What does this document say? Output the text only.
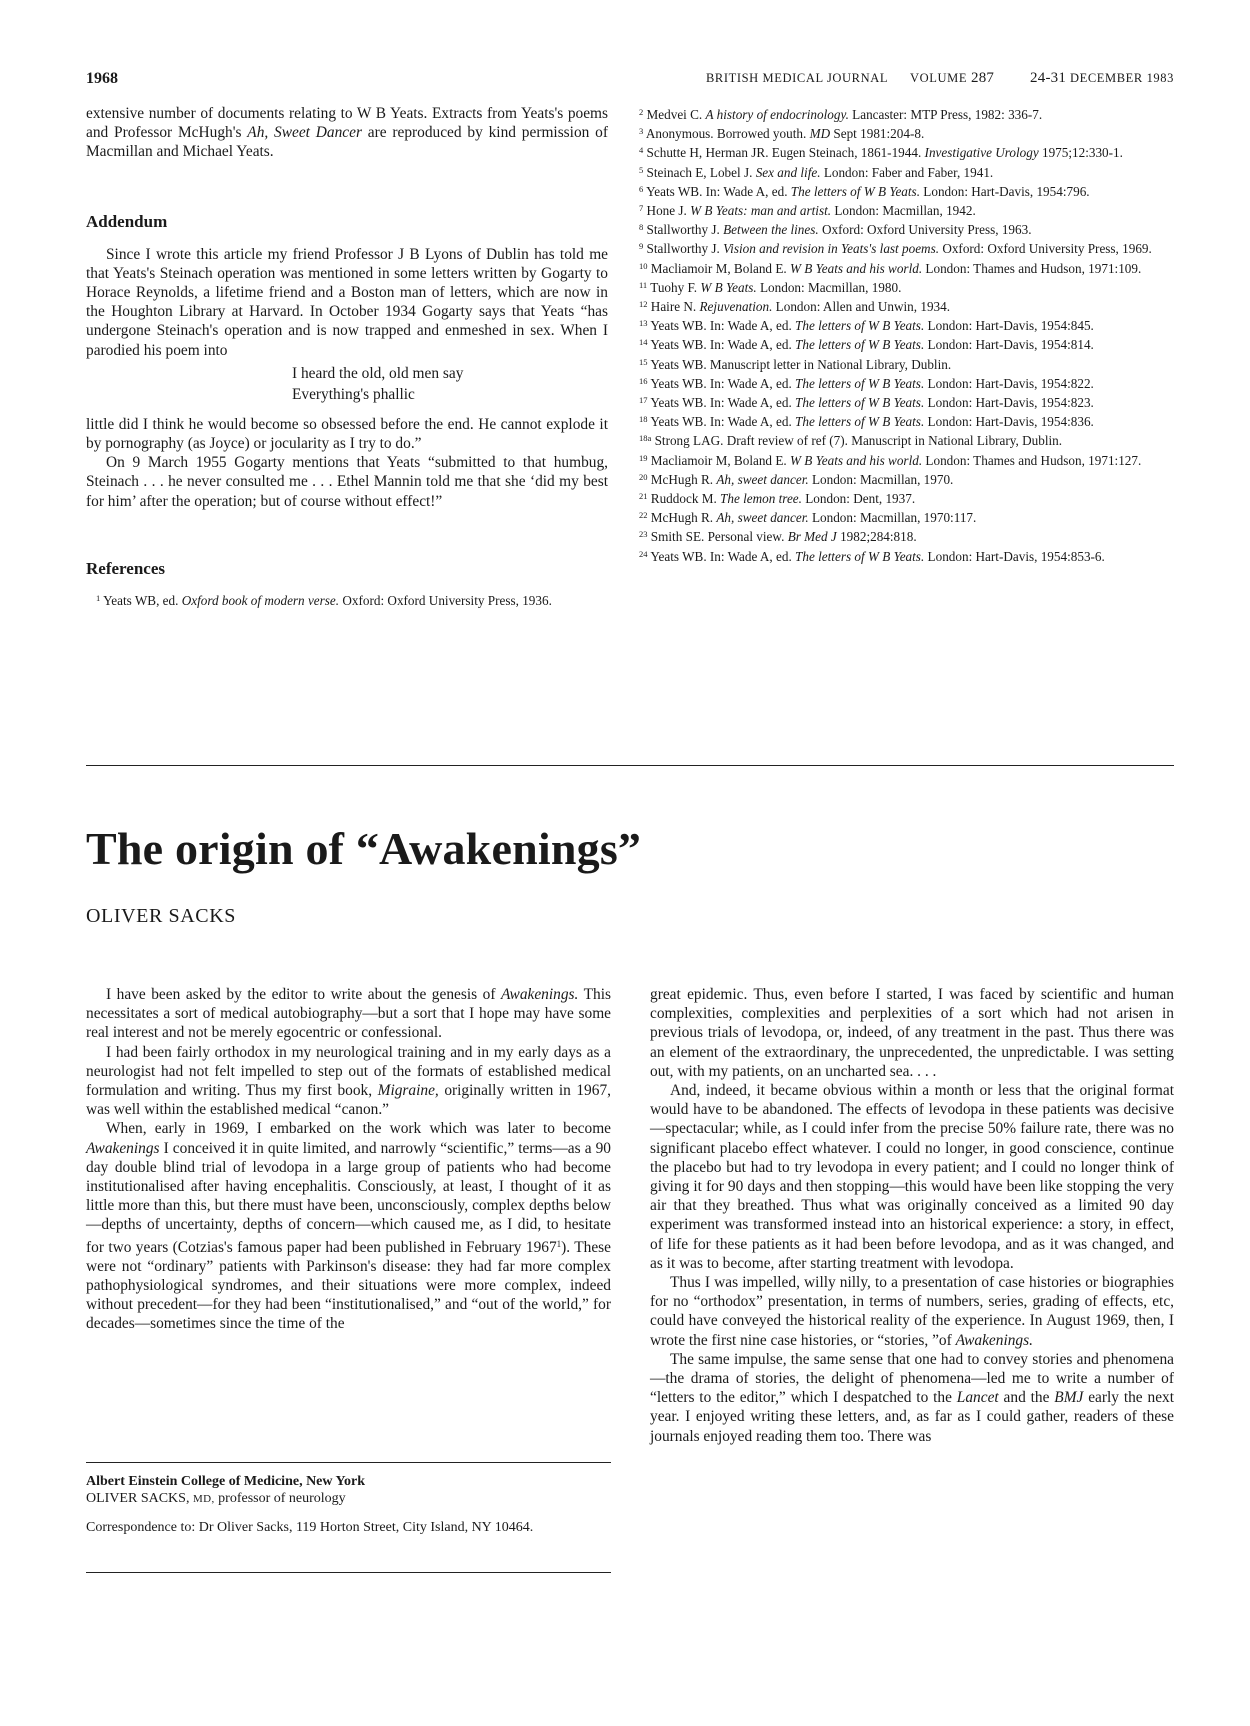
1968	BRITISH MEDICAL JOURNAL VOLUME 287 24-31 DECEMBER 1983

extensive number of documents relating to W B Yeats. Extracts from Yeats's poems and Professor McHugh's Ah, Sweet Dancer are reproduced by kind permission of Macmillan and Michael Yeats.

Addendum

Since I wrote this article my friend Professor J B Lyons of Dublin has told me that Yeats's Steinach operation was mentioned in some letters written by Gogarty to Horace Reynolds, a lifetime friend and a Boston man of letters, which are now in the Houghton Library at Harvard. In October 1934 Gogarty says that Yeats “has undergone Steinach's operation and is now trapped and enmeshed in sex. When I parodied his poem into

I heard the old, old men say
Everything's phallic

little did I think he would become so obsessed before the end. He cannot explode it by pornography (as Joyce) or jocularity as I try to do.”

On 9 March 1955 Gogarty mentions that Yeats “submitted to that humbug, Steinach . . . he never consulted me . . . Ethel Mannin told me that she ‘did my best for him’ after the operation; but of course without effect!”

References

$^1$ Yeats WB, ed. Oxford book of modern verse. Oxford: Oxford University Press, 1936.

$^2$ Medvei C. A history of endocrinology. Lancaster: MTP Press, 1982: 336-7.

$^3$ Anonymous. Borrowed youth. MD Sept 1981:204-8.

$^4$ Schutte H, Herman JR. Eugen Steinach, 1861-1944. Investigative Urology 1975;12:330-1.

$^5$ Steinach E, Lobel J. Sex and life. London: Faber and Faber, 1941.

$^6$ Yeats WB. In: Wade A, ed. The letters of W B Yeats. London: Hart-Davis, 1954:796.

$^7$ Hone J. W B Yeats: man and artist. London: Macmillan, 1942.

$^8$ Stallworthy J. Between the lines. Oxford: Oxford University Press, 1963.

$^9$ Stallworthy J. Vision and revision in Yeats's last poems. Oxford: Oxford University Press, 1969.

$^{10}$ Macliamoir M, Boland E. W B Yeats and his world. London: Thames and Hudson, 1971:109.

$^{11}$ Tuohy F. W B Yeats. London: Macmillan, 1980.

$^{12}$ Haire N. Rejuvenation. London: Allen and Unwin, 1934.

$^{13}$ Yeats WB. In: Wade A, ed. The letters of W B Yeats. London: Hart-Davis, 1954:845.

$^{14}$ Yeats WB. In: Wade A, ed. The letters of W B Yeats. London: Hart-Davis, 1954:814.

$^{15}$ Yeats WB. Manuscript letter in National Library, Dublin.

$^{16}$ Yeats WB. In: Wade A, ed. The letters of W B Yeats. London: Hart-Davis, 1954:822.

$^{17}$ Yeats WB. In: Wade A, ed. The letters of W B Yeats. London: Hart-Davis, 1954:823.

$^{18}$ Yeats WB. In: Wade A, ed. The letters of W B Yeats. London: Hart-Davis, 1954:836.

$^{18a}$ Strong LAG. Draft review of ref (7). Manuscript in National Library, Dublin.

$^{19}$ Macliamoir M, Boland E. W B Yeats and his world. London: Thames and Hudson, 1971:127.

$^{20}$ McHugh R. Ah, sweet dancer. London: Macmillan, 1970.

$^{21}$ Ruddock M. The lemon tree. London: Dent, 1937.

$^{22}$ McHugh R. Ah, sweet dancer. London: Macmillan, 1970:117.

$^{23}$ Smith SE. Personal view. Br Med J 1982;284:818.

$^{24}$ Yeats WB. In: Wade A, ed. The letters of W B Yeats. London: Hart-Davis, 1954:853-6.

The origin of “Awakenings”

OLIVER SACKS

I have been asked by the editor to write about the genesis of Awakenings. This necessitates a sort of medical autobiography—but a sort that I hope may have some real interest and not be merely egocentric or confessional.

I had been fairly orthodox in my neurological training and in my early days as a neurologist had not felt impelled to step out of the formats of established medical formulation and writing. Thus my first book, Migraine, originally written in 1967, was well within the established medical “canon.”

When, early in 1969, I embarked on the work which was later to become Awakenings I conceived it in quite limited, and narrowly “scientific,” terms—as a 90 day double blind trial of levodopa in a large group of patients who had become institutionalised after having encephalitis. Consciously, at least, I thought of it as little more than this, but there must have been, unconsciously, complex depths below—depths of uncertainty, depths of concern—which caused me, as I did, to hesitate for two years (Cotzias's famous paper had been published in February 1967$^1$). These were not “ordinary” patients with Parkinson's disease: they had far more complex pathophysiological syndromes, and their situations were more complex, indeed without precedent—for they had been “institutionalised,” and “out of the world,” for decades—sometimes since the time of the

Albert Einstein College of Medicine, New York

OLIVER SACKS, MD, professor of neurology

Correspondence to: Dr Oliver Sacks, 119 Horton Street, City Island, NY 10464.

great epidemic. Thus, even before I started, I was faced by scientific and human complexities, complexities and perplexities of a sort which had not arisen in previous trials of levodopa, or, indeed, of any treatment in the past. Thus there was an element of the extraordinary, the unprecedented, the unpredictable. I was setting out, with my patients, on an uncharted sea. . . .

And, indeed, it became obvious within a month or less that the original format would have to be abandoned. The effects of levodopa in these patients was decisive—spectacular; while, as I could infer from the precise 50% failure rate, there was no significant placebo effect whatever. I could no longer, in good conscience, continue the placebo but had to try levodopa in every patient; and I could no longer think of giving it for 90 days and then stopping—this would have been like stopping the very air that they breathed. Thus what was originally conceived as a limited 90 day experiment was transformed instead into an historical experience: a story, in effect, of life for these patients as it had been before levodopa, and as it was changed, and as it was to become, after starting treatment with levodopa.

Thus I was impelled, willy nilly, to a presentation of case histories or biographies for no “orthodox” presentation, in terms of numbers, series, grading of effects, etc, could have conveyed the historical reality of the experience. In August 1969, then, I wrote the first nine case histories, or “stories, ”of Awakenings.

The same impulse, the same sense that one had to convey stories and phenomena—the drama of stories, the delight of phenomena—led me to write a number of “letters to the editor,” which I despatched to the Lancet and the BMJ early the next year. I enjoyed writing these letters, and, as far as I could gather, readers of these journals enjoyed reading them too. There was
